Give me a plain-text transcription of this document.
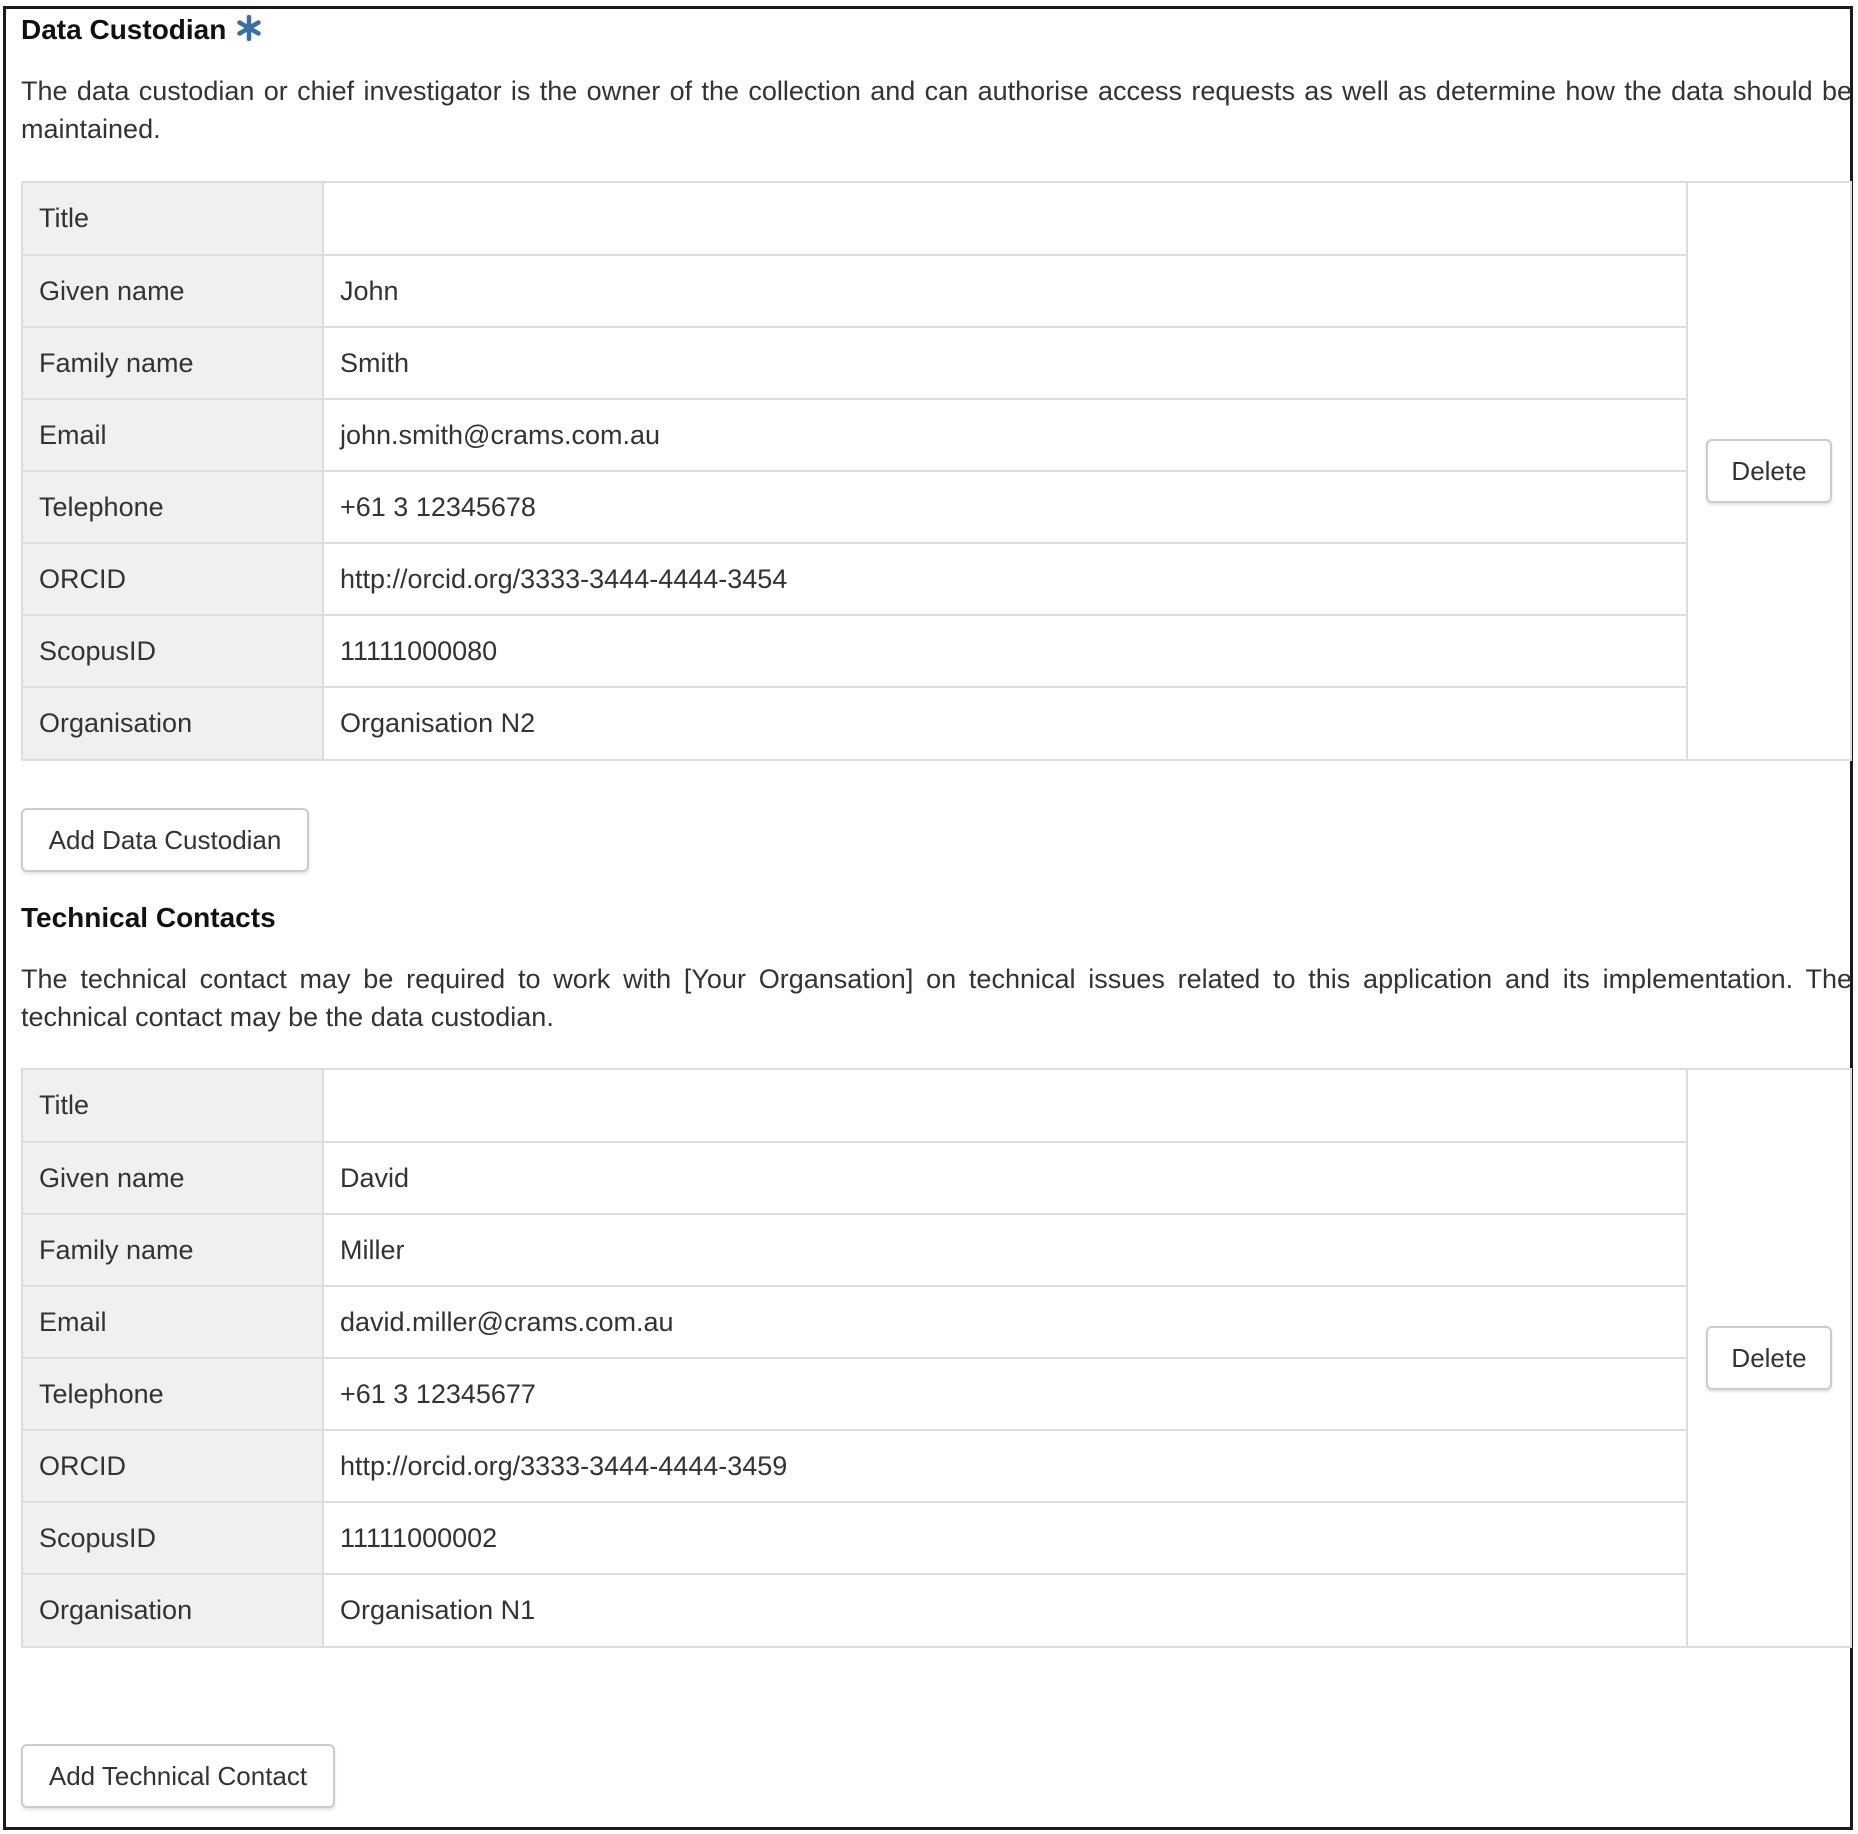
Data Custodian

The data custodian or chief investigator is the owner of the collection and can authorise access requests as well as determine how the data should be maintained.

Title	
Given name	John
Family name	Smith
Email	john.smith@crams.com.au
Telephone	+61 3 12345678
ORCID	http://orcid.org/3333-3444-4444-3454
ScopusID	11111000080
Organisation	Organisation N2
Delete
Add Data Custodian
Technical Contacts

The technical contact may be required to work with [Your Organsation] on technical issues related to this application and its implementation. The technical contact may be the data custodian.

Title	
Given name	David
Family name	Miller
Email	david.miller@crams.com.au
Telephone	+61 3 12345677
ORCID	http://orcid.org/3333-3444-4444-3459
ScopusID	11111000002
Organisation	Organisation N1
Delete
Add Technical Contact
